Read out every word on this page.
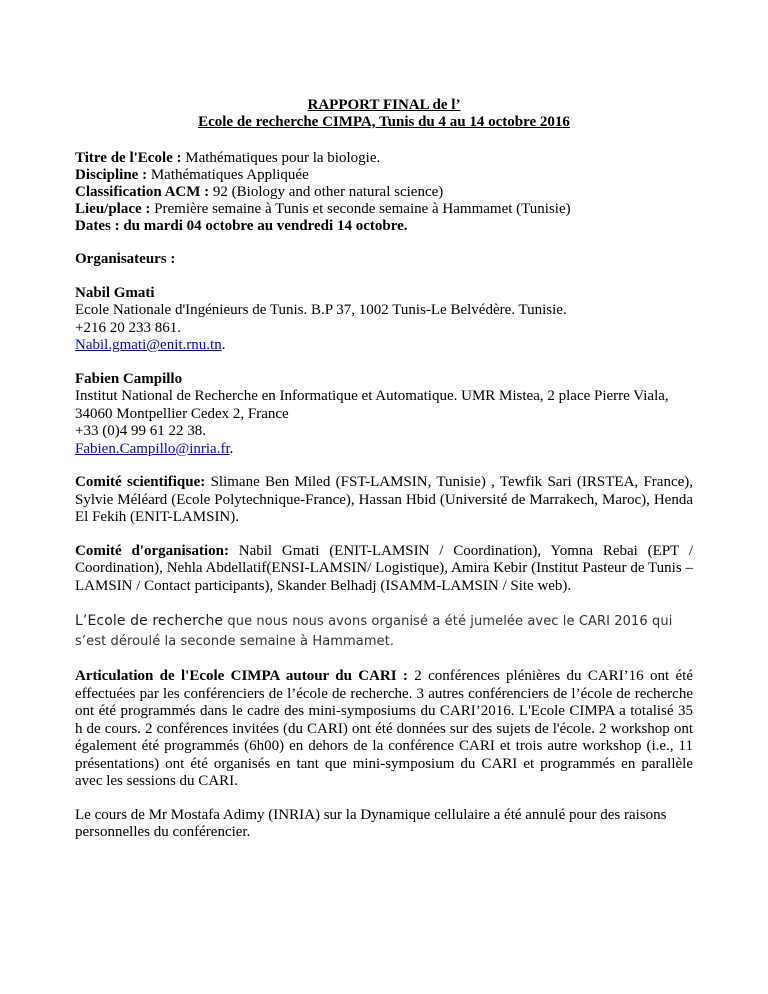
RAPPORT FINAL de l’
Ecole de recherche CIMPA, Tunis du 4 au 14 octobre 2016
Titre de l'Ecole : Mathématiques pour la biologie.
Discipline : Mathématiques Appliquée
Classification ACM : 92 (Biology and other natural science)
Lieu/place : Première semaine à Tunis et seconde semaine à Hammamet (Tunisie)
Dates : du mardi 04 octobre au vendredi 14 octobre.

Organisateurs :

Nabil Gmati
Ecole Nationale d'Ingénieurs de Tunis. B.P 37, 1002 Tunis-Le Belvédère. Tunisie.
+216 20 233 861.
Nabil.gmati@enit.rnu.tn.
Fabien Campillo
Institut National de Recherche en Informatique et Automatique. UMR Mistea, 2 place Pierre Viala, 34060 Montpellier Cedex 2, France
+33 (0)4 99 61 22 38.
Fabien.Campillo@inria.fr.

Comité scientifique: Slimane Ben Miled (FST-LAMSIN, Tunisie) , Tewfik Sari (IRSTEA, France), Sylvie Méléard (Ecole Polytechnique-France), Hassan Hbid (Université de Marrakech, Maroc), Henda El Fekih (ENIT-LAMSIN).

Comité d'organisation: Nabil Gmati (ENIT-LAMSIN / Coordination), Yomna Rebai (EPT / Coordination), Nehla Abdellatif(ENSI-LAMSIN/ Logistique), Amira Kebir (Institut Pasteur de Tunis – LAMSIN / Contact participants), Skander Belhadj (ISAMM-LAMSIN / Site web).

L’Ecole de recherche que nous nous avons organisé a été jumelée avec le CARI 2016 qui s’est déroulé la seconde semaine à Hammamet.

Articulation de l'Ecole CIMPA autour du CARI : 2 conférences plénières du CARI’16 ont été effectuées par les conférenciers de l’école de recherche. 3 autres conférenciers de l’école de recherche ont été programmés dans le cadre des mini-symposiums du CARI’2016. L'Ecole CIMPA a totalisé 35 h de cours. 2 conférences invitées (du CARI) ont été données sur des sujets de l'école. 2 workshop ont également été programmés (6h00) en dehors de la conférence CARI et trois autre workshop (i.e., 11 présentations) ont été organisés en tant que mini-symposium du CARI et programmés en parallèle avec les sessions du CARI.

Le cours de Mr Mostafa Adimy (INRIA) sur la Dynamique cellulaire a été annulé pour des raisons personnelles du conférencier.
